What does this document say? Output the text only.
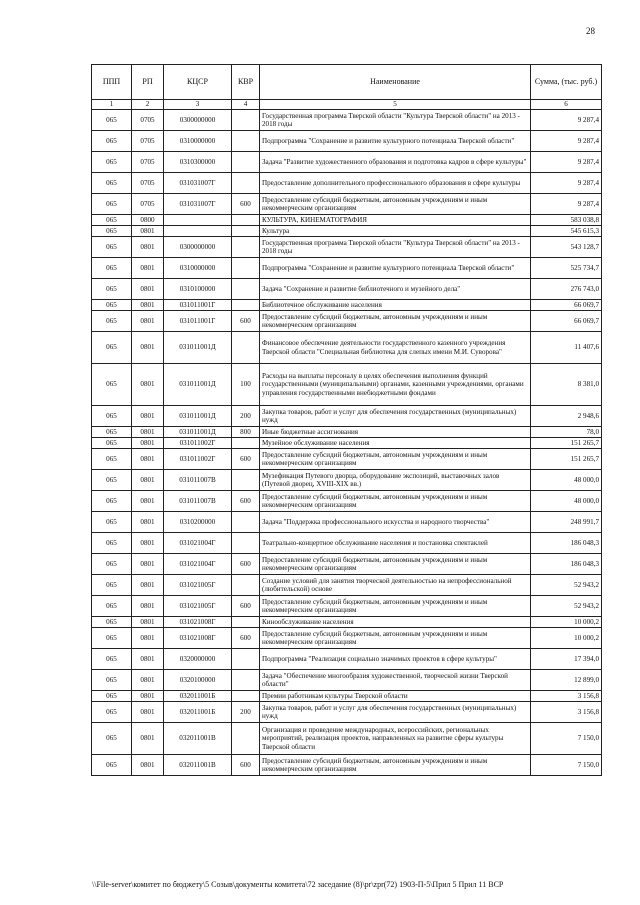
28
ППП	РП	КЦСР	КВР	Наименование	Сумма, (тыс. руб.)
1	2	3	4	5	6
065	0705	0300000000		Государственная программа Тверской области "Культура Тверской области" на 2013 - 2018 годы	9 287,4
065	0705	0310000000		Подпрограмма "Сохранение и развитие культурного потенциала Тверской области"	9 287,4
065	0705	0310300000		Задача "Развитие художественного образования и подготовка кадров в сфере культуры"	9 287,4
065	0705	031031007Г		Предоставление дополнительного профессионального образования в сфере культуры	9 287,4
065	0705	031031007Г	600	Предоставление субсидий бюджетным, автономным учреждениям и иным некоммерческим организациям	9 287,4
065	0800			КУЛЬТУРА, КИНЕМАТОГРАФИЯ	583 038,8
065	0801			Культура	545 615,3
065	0801	0300000000		Государственная программа Тверской области "Культура Тверской области" на 2013 - 2018 годы	543 128,7
065	0801	0310000000		Подпрограмма "Сохранение и развитие культурного потенциала Тверской области"	525 734,7
065	0801	0310100000		Задача "Сохранение и развитие библиотечного и музейного дела"	276 743,0
065	0801	031011001Г		Библиотечное обслуживание населения	66 069,7
065	0801	031011001Г	600	Предоставление субсидий бюджетным, автономным учреждениям и иным некоммерческим организациям	66 069,7
065	0801	031011001Д		Финансовое обеспечение деятельности государственного казенного учреждения Тверской области "Специальная библиотека для слепых имени М.И. Суворова"	11 407,6
065	0801	031011001Д	100	Расходы на выплаты персоналу в целях обеспечения выполнения функций государственными (муниципальными) органами, казенными учреждениями, органами управления государственными внебюджетными фондами	8 381,0
065	0801	031011001Д	200	Закупка товаров, работ и услуг для обеспечения государственных (муниципальных) нужд	2 948,6
065	0801	031011001Д	800	Иные бюджетные ассигнования	78,0
065	0801	031011002Г		Музейное обслуживание населения	151 265,7
065	0801	031011002Г	600	Предоставление субсидий бюджетным, автономным учреждениям и иным некоммерческим организациям	151 265,7
065	0801	031011007В		Музефикация Путевого дворца, оборудование экспозиций, выставочных залов (Путевой дворец, XVIII-XIX вв.)	48 000,0
065	0801	031011007В	600	Предоставление субсидий бюджетным, автономным учреждениям и иным некоммерческим организациям	48 000,0
065	0801	0310200000		Задача "Поддержка профессионального искусства и народного творчества"	248 991,7
065	0801	031021004Г		Театрально-концертное обслуживание населения и постановка спектаклей	186 048,3
065	0801	031021004Г	600	Предоставление субсидий бюджетным, автономным учреждениям и иным некоммерческим организациям	186 048,3
065	0801	031021005Г		Создание условий для занятия творческой деятельностью на непрофессиональной (любительской) основе	52 943,2
065	0801	031021005Г	600	Предоставление субсидий бюджетным, автономным учреждениям и иным некоммерческим организациям	52 943,2
065	0801	031021008Г		Кинообслуживание населения	10 000,2
065	0801	031021008Г	600	Предоставление субсидий бюджетным, автономным учреждениям и иным некоммерческим организациям	10 000,2
065	0801	0320000000		Подпрограмма "Реализация социально значимых проектов в сфере культуры"	17 394,0
065	0801	0320100000		Задача "Обеспечение многообразия художественной, творческой жизни Тверской области"	12 899,0
065	0801	032011001Б		Премии работникам культуры Тверской области	3 156,8
065	0801	032011001Б	200	Закупка товаров, работ и услуг для обеспечения государственных (муниципальных) нужд	3 156,8
065	0801	032011001В		Организация и проведение международных, всероссийских, региональных мероприятий, реализация проектов, направленных на развитие сферы культуры Тверской области	7 150,0
065	0801	032011001В	600	Предоставление субсидий бюджетным, автономным учреждениям и иным некоммерческим организациям	7 150,0
\\File-server\комитет по бюджету\5 Созыв\документы комитета\72 заседание (8)\pr\zpr(72) 1903-П-5\Прил 5 Прил 11 ВСР
